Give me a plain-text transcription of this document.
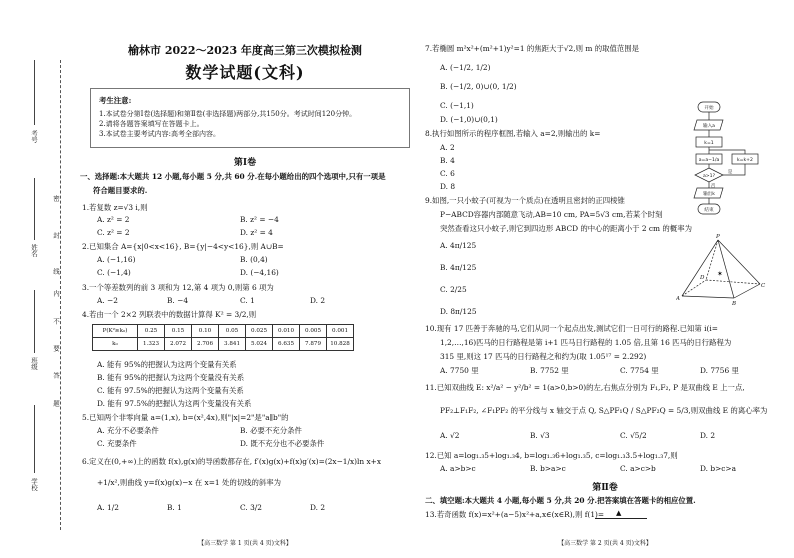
考号
姓名
班级
学校
密
封
线
内
不
要
答
题
榆林市 2022～2023 年度高三第三次模拟检测
数学试题(文科)
考生注意:
1.本试卷分第Ⅰ卷(选择题)和第Ⅱ卷(非选择题)两部分,共150分。考试时间120分钟。
2.请将各题答案填写在答题卡上。
3.本试卷主要考试内容:高考全部内容。
第Ⅰ卷
一、选择题:本大题共 12 小题,每小题 5 分,共 60 分.在每小题给出的四个选项中,只有一项是
符合题目要求的.
1.若复数 z=√3 i,则
A. z² = 2	B. z² = −4
C. z² = 2	D. z² = 4
2.已知集合 A={x|0<x<16}, B={y|−4<y<16},则 A∪B=
A. (−1,16)	B. (0,4)
C. (−1,4)	D. (−4,16)
3.一个等差数列的前 3 项和为 12,第 4 项为 0,则第 6 项为
A. −2	B. −4	C. 1	D. 2
4.若由一个 2×2 列联表中的数据计算得 K² = 3/2,则
P(K²≥k₀)	0.25	0.15	0.10	0.05	0.025	0.010	0.005	0.001
k₀	1.323	2.072	2.706	3.841	5.024	6.635	7.879	10.828
A. 能有 95%的把握认为这两个变量有关系
B. 能有 95%的把握认为这两个变量没有关系
C. 能有 97.5%的把握认为这两个变量有关系
D. 能有 97.5%的把握认为这两个变量没有关系
5.已知两个非零向量 a=(1,x), b=(x²,4x),则"|x|=2"是"a∥b"的
A. 充分不必要条件	B. 必要不充分条件
C. 充要条件	D. 既不充分也不必要条件
6.定义在(0,+∞)上的函数 f(x),g(x)的导函数都存在, f′(x)g(x)+f(x)g′(x)=(2x−1/x)ln x+x
+1/x²,则曲线 y=f(x)g(x)−x 在 x=1 处的切线的斜率为
A. 1/2	B. 1	C. 3/2	D. 2
【高三数学 第 1 页(共 4 页)文科】
7.若椭圆 m²x²+(m²+1)y²=1 的焦距大于√2,则 m 的取值范围是
A. (−1/2, 1/2)
B. (−1/2, 0)∪(0, 1/2)
C. (−1,1)
D. (−1,0)∪(0,1)
8.执行如图所示的程序框图,若输入 a=2,则输出的 k=
A. 2
B. 4
C. 6
D. 8
开始
输入a
k=1
a=a−1/a	k=k+2
a>1?
输出k
结束
是
否
9.如图,一只小蚊子(可视为一个质点)在透明且密封的正四棱锥
P−ABCD容器内部随意飞动,AB=10 cm, PA=5√3 cm,若某个时刻
突然查看这只小蚊子,则它到四边形 ABCD 的中心的距离小于 2 cm 的概率为
A. 4π/125
B. 4π/125
C. 2/25
D. 8π/125
P
A
B
C
D ✶
10.现有 17 匹善于奔驰的马,它们从同一个起点出发,测试它们一日可行的路程.已知第 i(i=
1,2,…,16)匹马的日行路程是第 i+1 匹马日行路程的 1.05 倍,且第 16 匹马的日行路程为
315 里,则这 17 匹马的日行路程之和约为(取 1.05¹⁷ = 2.292)
A. 7750 里	B. 7752 里	C. 7754 里	D. 7756 里
11.已知双曲线 E: x²/a² − y²/b² = 1(a>0,b>0)的左,右焦点分别为 F₁,F₂, P 是双曲线 E 上一点,
PF₂⊥F₁F₂, ∠F₁PF₂ 的平分线与 x 轴交于点 Q, S△PF₁Q / S△PF₂Q = 5/3,则双曲线 E 的离心率为
A. √2	B. √3	C. √5/2	D. 2
12.已知 a=log₁.₃5+log₁.₃4, b=log₁.₃6+log₁.₃5, c=log₁.₃3.5+log₁.₃7,则
A. a>b>c	B. b>a>c	C. a>c>b	D. b>c>a
第Ⅱ卷
二、填空题:本大题共 4 小题,每小题 5 分,共 20 分.把答案填在答题卡的相应位置.
13.若奇函数 f(x)=x²+(a−5)x²+a,x∈(x∈R),则 f(1)= ▲
【高三数学 第 2 页(共 4 页)文科】
